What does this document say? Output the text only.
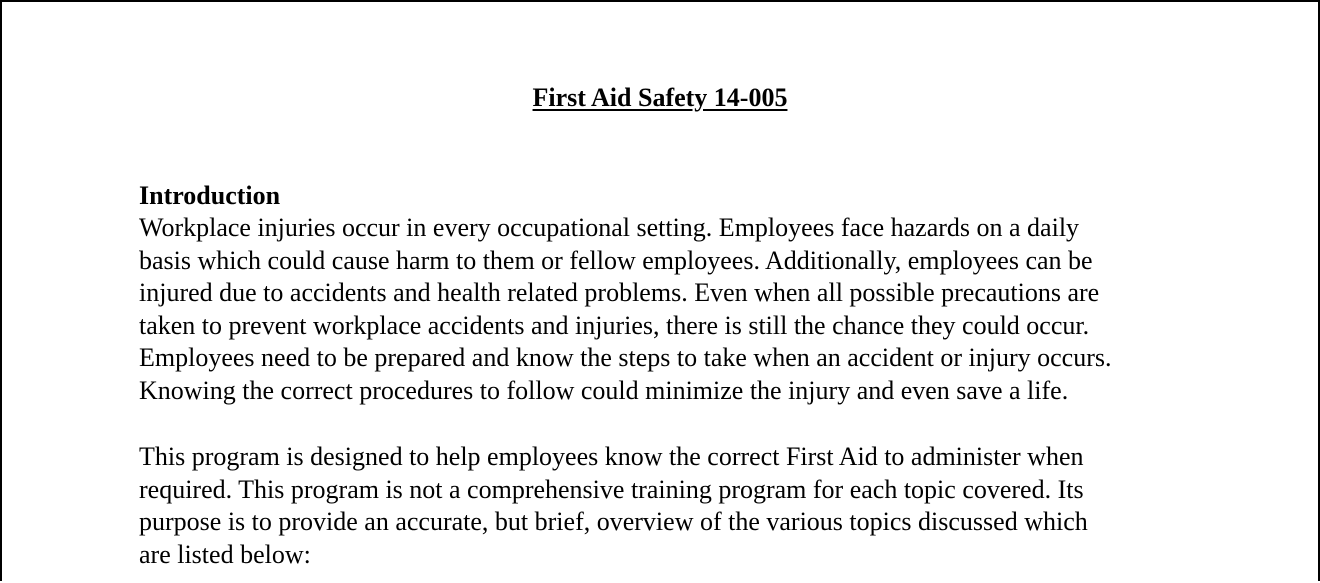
First Aid Safety 14-005
Introduction
Workplace injuries occur in every occupational setting. Employees face hazards on a daily
basis which could cause harm to them or fellow employees. Additionally, employees can be
injured due to accidents and health related problems. Even when all possible precautions are
taken to prevent workplace accidents and injuries, there is still the chance they could occur.
Employees need to be prepared and know the steps to take when an accident or injury occurs.
Knowing the correct procedures to follow could minimize the injury and even save a life.
This program is designed to help employees know the correct First Aid to administer when
required. This program is not a comprehensive training program for each topic covered. Its
purpose is to provide an accurate, but brief, overview of the various topics discussed which
are listed below:
